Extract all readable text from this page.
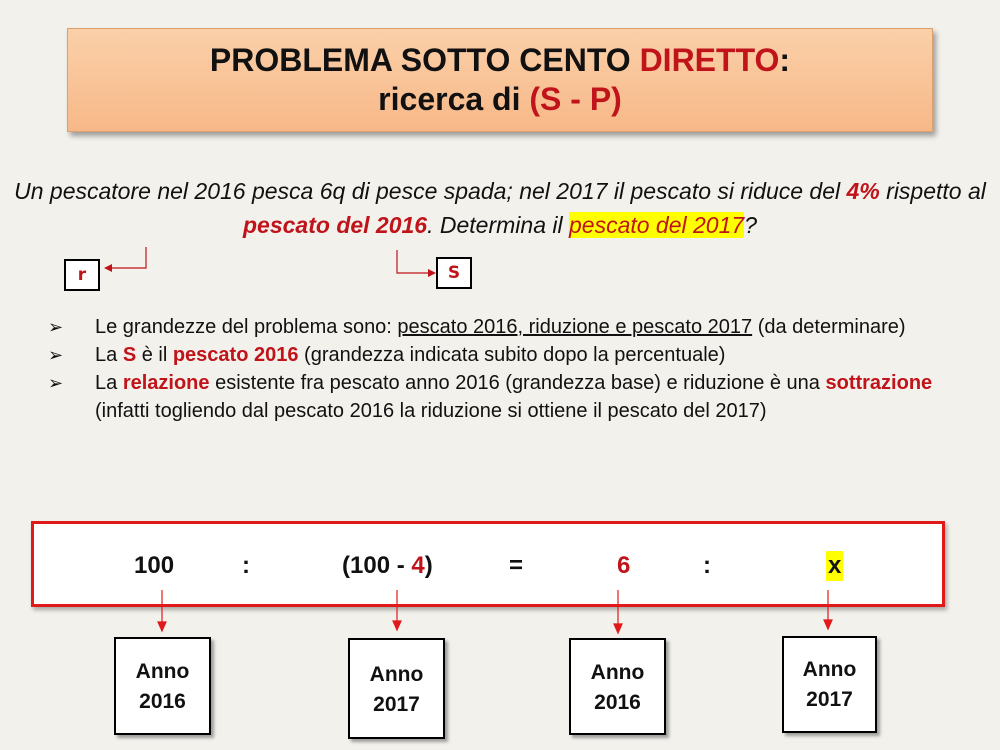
PROBLEMA SOTTO CENTO DIRETTO:
ricerca di (S - P)
Un pescatore nel 2016 pesca 6q di pesce spada; nel 2017 il pescato si riduce del 4% rispetto al pescato del 2016. Determina il pescato del 2017?
r	S
➢ Le grandezze del problema sono: pescato 2016, riduzione e pescato 2017 (da determinare)
➢ La S è il pescato 2016 (grandezza indicata subito dopo la percentuale)
➢ La relazione esistente fra pescato anno 2016 (grandezza base) e riduzione è una sottrazione (infatti togliendo dal pescato 2016 la riduzione si ottiene il pescato del 2017)
100	:	(100 - 4)	=	6	:	x
Anno
2016
Anno
2017
Anno
2016
Anno
2017
